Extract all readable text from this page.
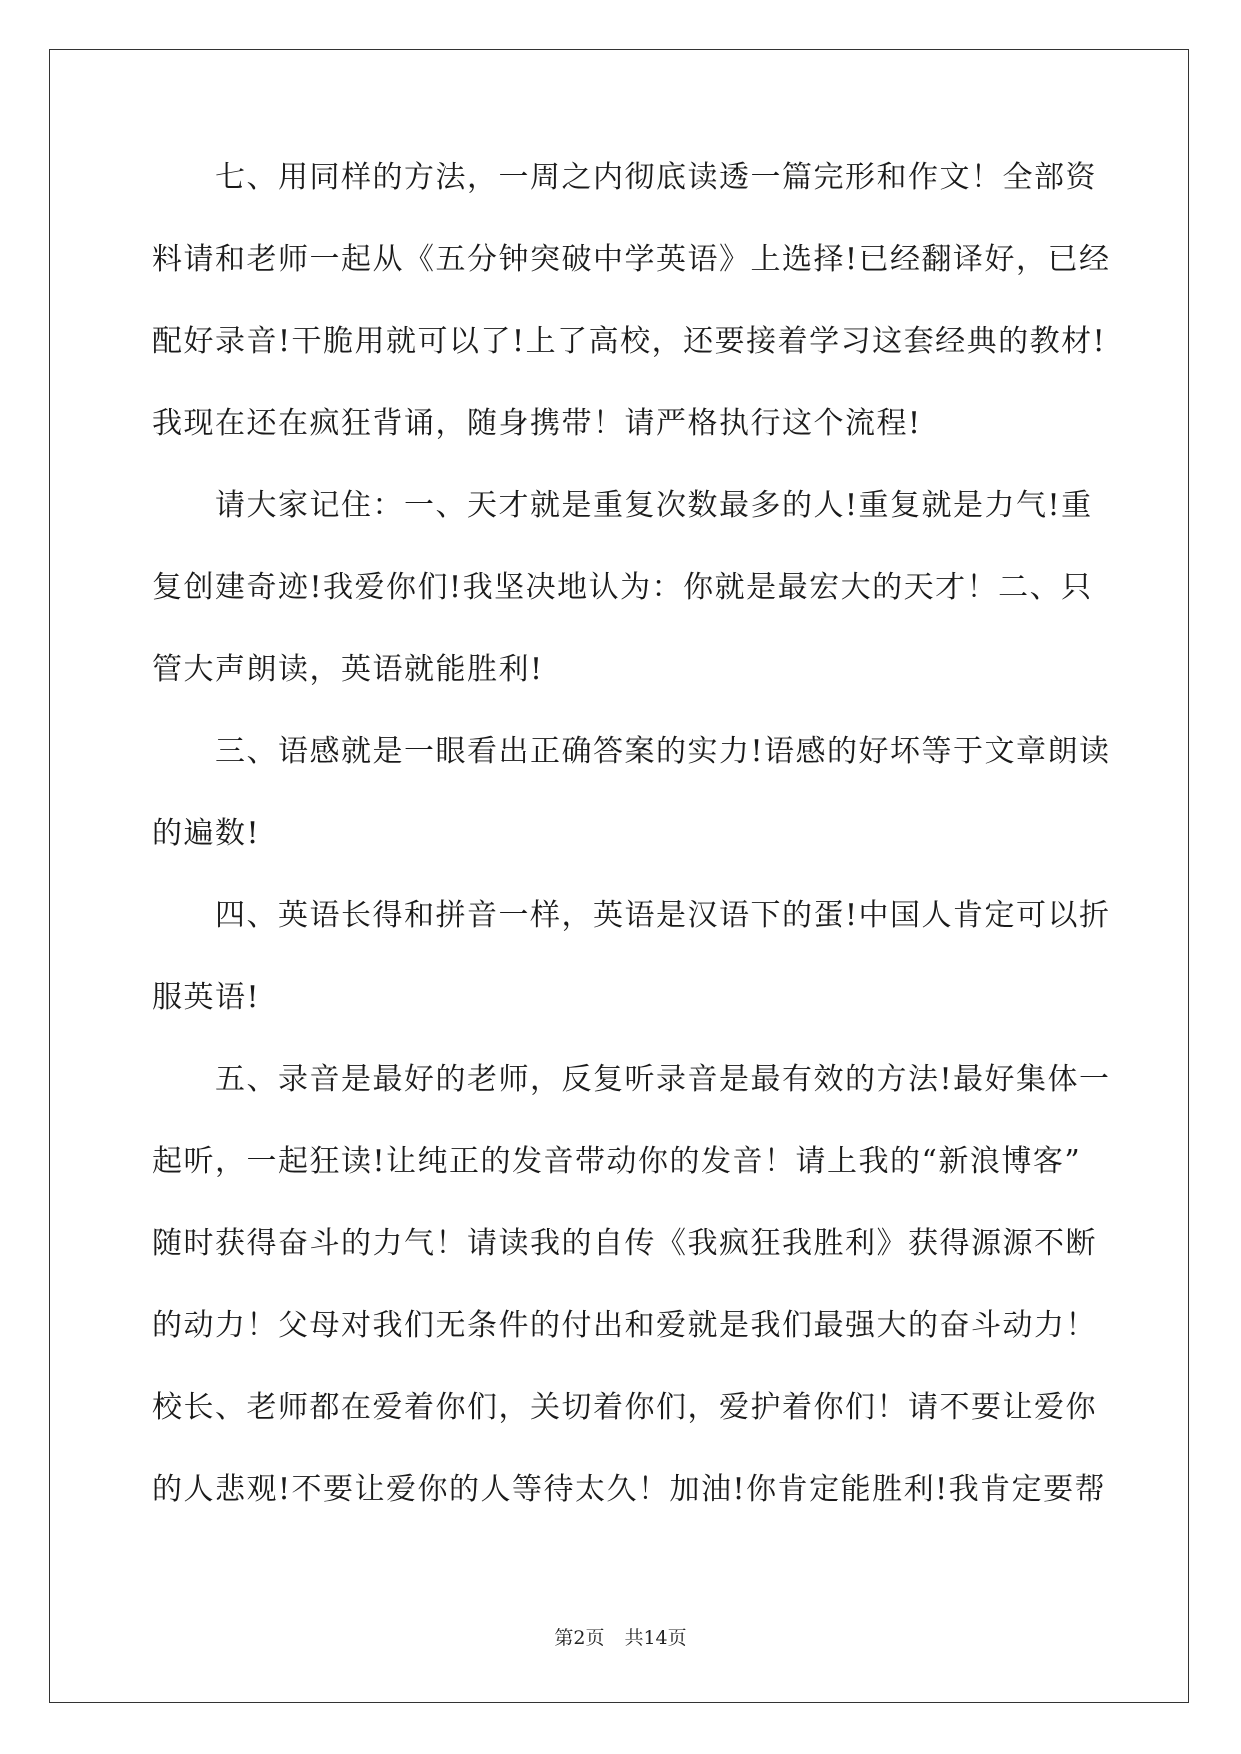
七、用同样的方法，一周之内彻底读透一篇完形和作文！全部资
料请和老师一起从《五分钟突破中学英语》上选择!已经翻译好，已经
配好录音!干脆用就可以了!上了高校，还要接着学习这套经典的教材!
我现在还在疯狂背诵，随身携带！请严格执行这个流程!
请大家记住：一、天才就是重复次数最多的人!重复就是力气!重
复创建奇迹!我爱你们!我坚决地认为：你就是最宏大的天才！二、只
管大声朗读，英语就能胜利!
三、语感就是一眼看出正确答案的实力!语感的好坏等于文章朗读
的遍数!
四、英语长得和拼音一样，英语是汉语下的蛋!中国人肯定可以折
服英语!
五、录音是最好的老师，反复听录音是最有效的方法!最好集体一
起听，一起狂读!让纯正的发音带动你的发音！请上我的“新浪博客”
随时获得奋斗的力气！请读我的自传《我疯狂我胜利》获得源源不断
的动力！父母对我们无条件的付出和爱就是我们最强大的奋斗动力！
校长、老师都在爱着你们，关切着你们，爱护着你们！请不要让爱你
的人悲观!不要让爱你的人等待太久！加油!你肯定能胜利!我肯定要帮
第2页 共14页
